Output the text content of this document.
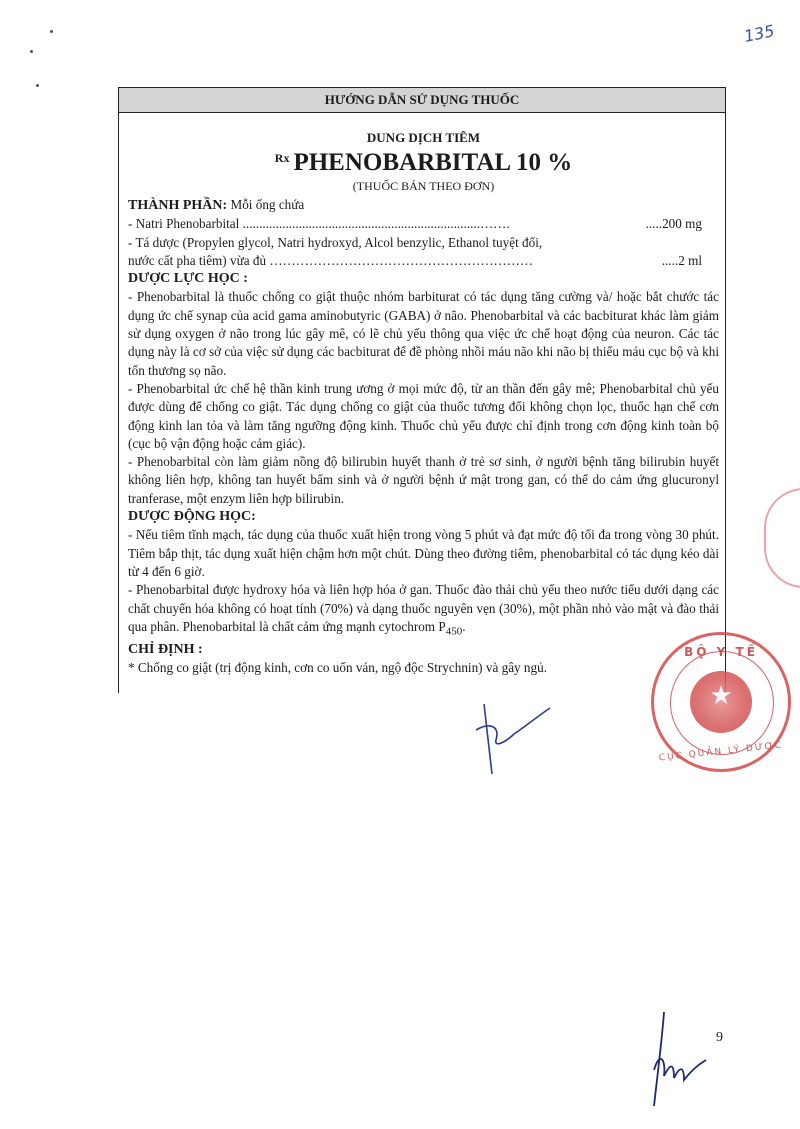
135
HƯỚNG DẪN SỬ DỤNG THUỐC
DUNG DỊCH TIÊM
Rx PHENOBARBITAL 10 %
(THUỐC BÁN THEO ĐƠN)
THÀNH PHẦN: Mỗi ống chứa
- Natri Phenobarbital ........................................................................…….	.....200 mg
- Tá dược (Propylen glycol, Natri hydroxyd, Alcol benzylic, Ethanol tuyệt đối,
nước cất pha tiêm) vừa đủ ……………………………………………………	.....2 ml
DƯỢC LỰC HỌC :

- Phenobarbital là thuốc chống co giật thuộc nhóm barbiturat có tác dụng tăng cường và/ hoặc bắt chước tác dụng ức chế synap của acid gama aminobutyric (GABA) ở não. Phenobarbital và các bacbiturat khác làm giảm sử dụng oxygen ở não trong lúc gây mê, có lẽ chủ yếu thông qua việc ức chế hoạt động của neuron. Các tác dụng này là cơ sở của việc sử dụng các bacbiturat để đề phòng nhồi máu não khi não bị thiếu máu cục bộ và khi tổn thương sọ não.

- Phenobarbital ức chế hệ thần kinh trung ương ở mọi mức độ, từ an thần đến gây mê; Phenobarbital chủ yếu được dùng để chống co giật. Tác dụng chống co giật của thuốc tương đối không chọn lọc, thuốc hạn chế cơn động kinh lan tỏa và làm tăng ngưỡng động kinh. Thuốc chủ yếu được chỉ định trong cơn động kinh toàn bộ (cục bộ vận động hoặc cảm giác).

- Phenobarbital còn làm giảm nồng độ bilirubin huyết thanh ở trẻ sơ sinh, ở người bệnh tăng bilirubin huyết không liên hợp, không tan huyết bẩm sinh và ở người bệnh ứ mật trong gan, có thể do cảm ứng glucuronyl tranferase, một enzym liên hợp bilirubin.

DƯỢC ĐỘNG HỌC:

- Nếu tiêm tĩnh mạch, tác dụng của thuốc xuất hiện trong vòng 5 phút và đạt mức độ tối đa trong vòng 30 phút. Tiêm bắp thịt, tác dụng xuất hiện chậm hơn một chút. Dùng theo đường tiêm, phenobarbital có tác dụng kéo dài từ 4 đến 6 giờ.

- Phenobarbital được hydroxy hóa và liên hợp hóa ở gan. Thuốc đào thải chủ yếu theo nước tiểu dưới dạng các chất chuyển hóa không có hoạt tính (70%) và dạng thuốc nguyên vẹn (30%), một phần nhỏ vào mật và đào thải qua phân. Phenobarbital là chất cảm ứng mạnh cytochrom $P_{450}$.

CHỈ ĐỊNH :

* Chống co giật (trị động kinh, cơn co uốn ván, ngộ độc Strychnin) và gây ngủ.

BỘ Y TẾ
★
CỤC QUẢN LÝ DƯỢC
9
